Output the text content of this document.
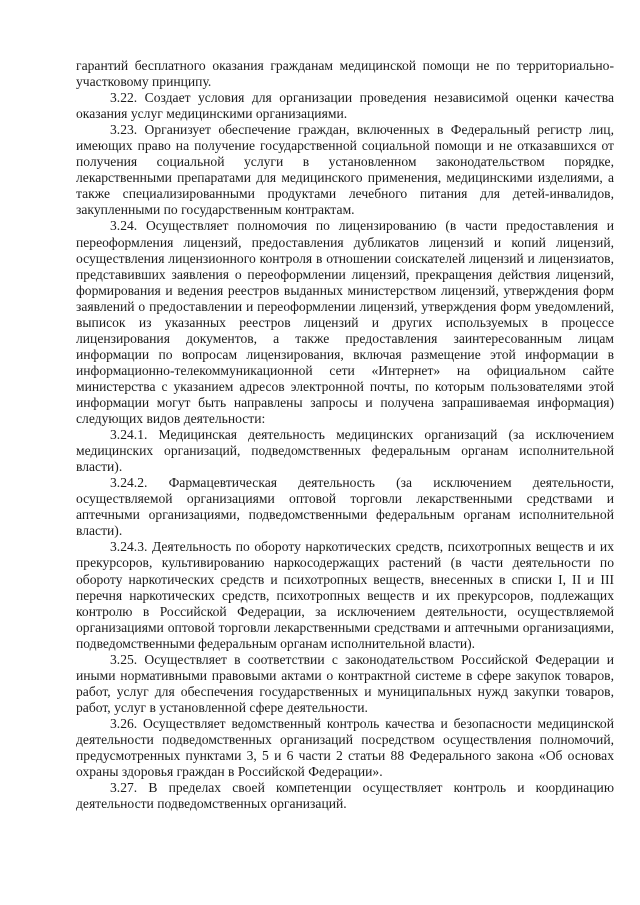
гарантий бесплатного оказания гражданам медицинской помощи не по территориально-участковому принципу.

3.22. Создает условия для организации проведения независимой оценки качества оказания услуг медицинскими организациями.

3.23. Организует обеспечение граждан, включенных в Федеральный регистр лиц, имеющих право на получение государственной социальной помощи и не отказавшихся от получения социальной услуги в установленном законодательством порядке, лекарственными препаратами для медицинского применения, медицинскими изделиями, а также специализированными продуктами лечебного питания для детей-инвалидов, закупленными по государственным контрактам.

3.24. Осуществляет полномочия по лицензированию (в части предоставления и переоформления лицензий, предоставления дубликатов лицензий и копий лицензий, осуществления лицензионного контроля в отношении соискателей лицензий и лицензиатов, представивших заявления о переоформлении лицензий, прекращения действия лицензий, формирования и ведения реестров выданных министерством лицензий, утверждения форм заявлений о предоставлении и переоформлении лицензий, утверждения форм уведомлений, выписок из указанных реестров лицензий и других используемых в процессе лицензирования документов, а также предоставления заинтересованным лицам информации по вопросам лицензирования, включая размещение этой информации в информационно-телекоммуникационной сети «Интернет» на официальном сайте министерства с указанием адресов электронной почты, по которым пользователями этой информации могут быть направлены запросы и получена запрашиваемая информация) следующих видов деятельности:

3.24.1. Медицинская деятельность медицинских организаций (за исключением медицинских организаций, подведомственных федеральным органам исполнительной власти).

3.24.2. Фармацевтическая деятельность (за исключением деятельности, осуществляемой организациями оптовой торговли лекарственными средствами и аптечными организациями, подведомственными федеральным органам исполнительной власти).

3.24.3. Деятельность по обороту наркотических средств, психотропных веществ и их прекурсоров, культивированию наркосодержащих растений (в части деятельности по обороту наркотических средств и психотропных веществ, внесенных в списки I, II и III перечня наркотических средств, психотропных веществ и их прекурсоров, подлежащих контролю в Российской Федерации, за исключением деятельности, осуществляемой организациями оптовой торговли лекарственными средствами и аптечными организациями, подведомственными федеральным органам исполнительной власти).

3.25. Осуществляет в соответствии с законодательством Российской Федерации и иными нормативными правовыми актами о контрактной системе в сфере закупок товаров, работ, услуг для обеспечения государственных и муниципальных нужд закупки товаров, работ, услуг в установленной сфере деятельности.

3.26. Осуществляет ведомственный контроль качества и безопасности медицинской деятельности подведомственных организаций посредством осуществления полномочий, предусмотренных пунктами 3, 5 и 6 части 2 статьи 88 Федерального закона «Об основах охраны здоровья граждан в Российской Федерации».

3.27. В пределах своей компетенции осуществляет контроль и координацию деятельности подведомственных организаций.
